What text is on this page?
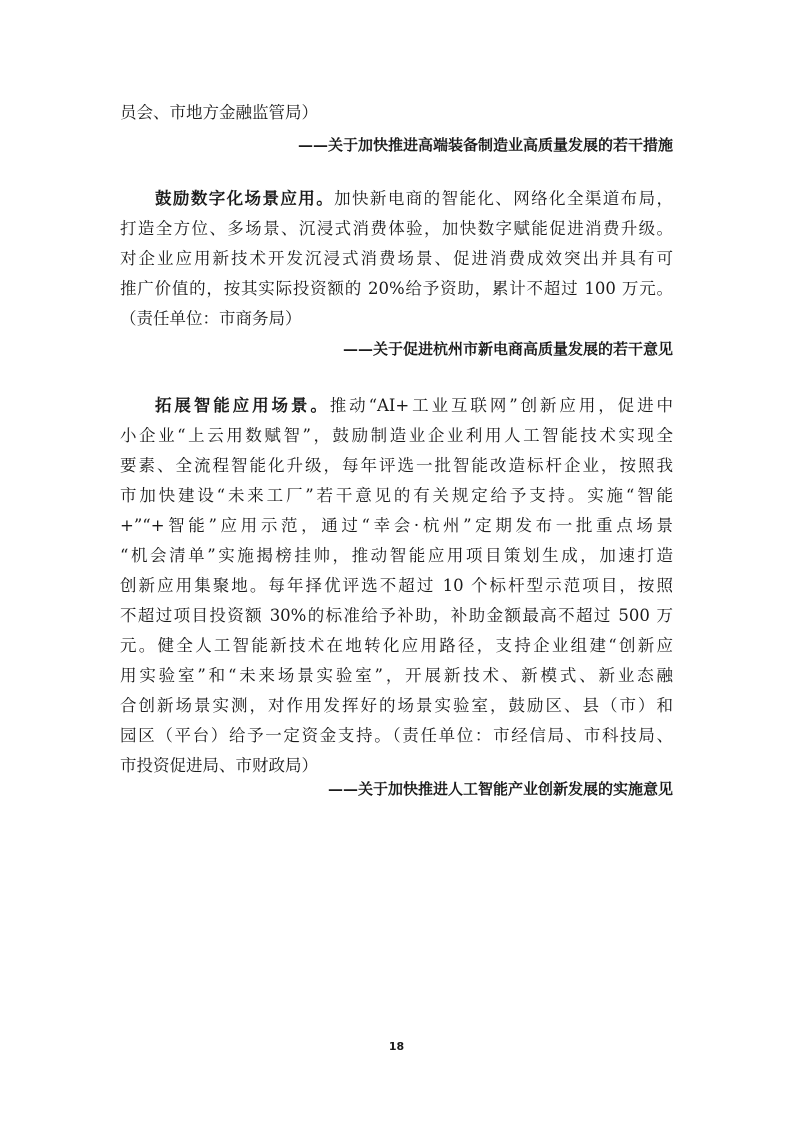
员会、市地方金融监管局）
——关于加快推进高端装备制造业高质量发展的若干措施
鼓励数字化场景应用。加快新电商的智能化、网络化全渠道布局，
打造全方位、多场景、沉浸式消费体验，加快数字赋能促进消费升级。
对企业应用新技术开发沉浸式消费场景、促进消费成效突出并具有可
推广价值的，按其实际投资额的 20%给予资助，累计不超过 100 万元。
（责任单位：市商务局）
——关于促进杭州市新电商高质量发展的若干意见
拓展智能应用场景。推动“AI+工业互联网”创新应用，促进中
小企业“上云用数赋智”，鼓励制造业企业利用人工智能技术实现全
要素、全流程智能化升级，每年评选一批智能改造标杆企业，按照我
市加快建设“未来工厂”若干意见的有关规定给予支持。实施“智能
+”“+智能”应用示范，通过“幸会·杭州”定期发布一批重点场景
“机会清单”实施揭榜挂帅，推动智能应用项目策划生成，加速打造
创新应用集聚地。每年择优评选不超过 10 个标杆型示范项目，按照
不超过项目投资额 30%的标准给予补助，补助金额最高不超过 500 万
元。健全人工智能新技术在地转化应用路径，支持企业组建“创新应
用实验室”和“未来场景实验室”，开展新技术、新模式、新业态融
合创新场景实测，对作用发挥好的场景实验室，鼓励区、县（市）和
园区（平台）给予一定资金支持。（责任单位：市经信局、市科技局、
市投资促进局、市财政局）
——关于加快推进人工智能产业创新发展的实施意见
18
